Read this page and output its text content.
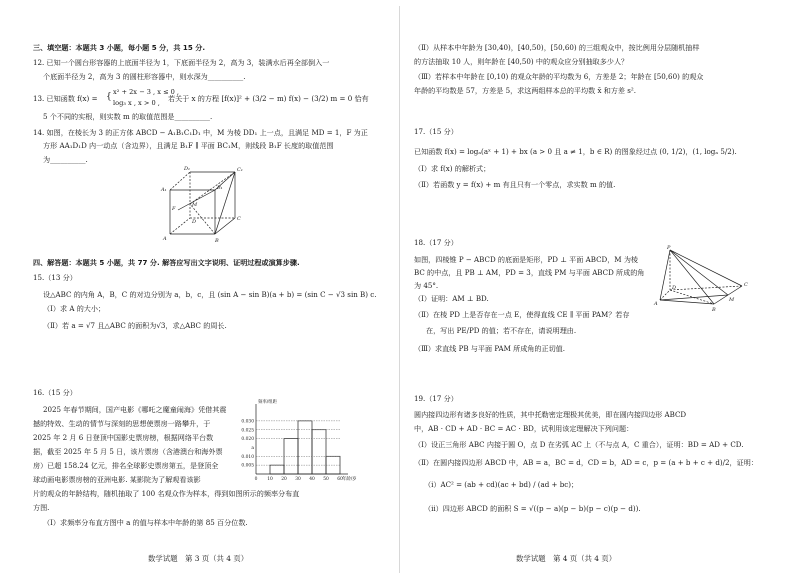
三、填空题：本题共 3 小题，每小题 5 分，共 15 分.
12. 已知一个圆台形容器的上底面半径为 1，下底面半径为 2，高为 3，装满水后再全部倒入一
个底面半径为 2，高为 3 的圆柱形容器中，则水深为__________.
13. 已知函数 f(x) = { x² + 2x − 3 , x ≤ 0 ,
log₃ x , x > 0 , 若关于 x 的方程 [f(x)]² + (3/2 − m) f(x) − (3/2) m = 0 恰有
5 个不同的实根，则实数 m 的取值范围是__________.
14. 如图，在棱长为 3 的正方体 ABCD − A₁B₁C₁D₁ 中，M 为棱 DD₁ 上一点，且满足 MD = 1，F 为正
方形 AA₁D₁D 内一动点（含边界），且满足 B₁F ∥ 平面 BC₁M，则线段 B₁F 长度的取值范围
为__________.
D₁	C₁
A₁	B₁
M
F
D	C
A	B
四、解答题：本题共 5 小题，共 77 分. 解答应写出文字说明、证明过程或演算步骤.
15.（13 分）
设△ABC 的内角 A，B，C 的对边分别为 a，b，c，且 (sin A − sin B)(a + b) = (sin C − √3 sin B) c.
（Ⅰ）求 A 的大小；
（Ⅱ）若 a = √7 且△ABC 的面积为√3，求△ABC 的周长.
16.（15 分）
2025 年春节期间，国产电影《哪吒之魔童闹海》凭借其震
撼的特效、生动的情节与深刻的思想使票房一路攀升，于
2025 年 2 月 6 日登顶中国影史票房榜，根据网络平台数
据，截至 2025 年 5 月 5 日，该片票房（含港澳台和海外票
房）已超 158.24 亿元，排名全球影史票房第五，是登顶全
球动画电影票房榜的亚洲电影. 某影院为了解观看该影
片的观众的年龄结构，随机抽取了 100 名观众作为样本，得到如图所示的频率分布直
方图.
（Ⅰ）求频率分布直方图中 a 的值与样本中年龄的第 85 百分位数.
0.005
0.010
a
0.020
0.025
0.030
0 10 20 30 40 50 60
频率/组距
年龄/岁
数学试题　第 3 页（共 4 页）
（Ⅱ）从样本中年龄为 [30,40)，[40,50)，[50,60) 的三组观众中，按比例用分层随机抽样
的方法抽取 10 人，则年龄在 [40,50) 中的观众应分别抽取多少人？
（Ⅲ）若样本中年龄在 [0,10) 的观众年龄的平均数为 6，方差是 2；年龄在 [50,60) 的观众
年龄的平均数是 57，方差是 5，求这两组样本总的平均数 x̄ 和方差 s².
17.（15 分）
已知函数 f(x) = logₐ(aˣ + 1) + bx (a > 0 且 a ≠ 1，b ∈ R) 的图象经过点 (0, 1/2)，(1, logₐ 5/2).
（Ⅰ）求 f(x) 的解析式；
（Ⅱ）若函数 y = f(x) + m 有且只有一个零点，求实数 m 的值.
18.（17 分）
如图，四棱锥 P − ABCD 的底面是矩形，PD ⊥ 平面 ABCD，M 为棱
BC 的中点，且 PB ⊥ AM，PD = 3，直线 PM 与平面 ABCD 所成的角
为 45°.
（Ⅰ）证明：AM ⊥ BD.
（Ⅱ）在棱 PD 上是否存在一点 E，使得直线 CE ∥ 平面 PAM？若存
在，写出 PE/PD 的值；若不存在，请说明理由.
（Ⅲ）求直线 PB 与平面 PAM 所成角的正切值.
P
D
A
M
B
C
19.（17 分）
圆内接四边形有诸多良好的性质，其中托勒密定理极其优美，即在圆内接四边形 ABCD
中，AB · CD + AD · BC = AC · BD，试利用该定理解决下列问题：
（Ⅰ）设正三角形 ABC 内接于圆 O，点 D 在劣弧 AC 上（不与点 A，C 重合），证明：BD = AD + CD.
（Ⅱ）在圆内接四边形 ABCD 中，AB = a，BC = d，CD = b，AD = c，p = (a + b + c + d)/2，证明：
（ⅰ）AC² = (ab + cd)(ac + bd) / (ad + bc)；
（ⅱ）四边形 ABCD 的面积 S = √((p − a)(p − b)(p − c)(p − d)).
数学试题　第 4 页（共 4 页）
